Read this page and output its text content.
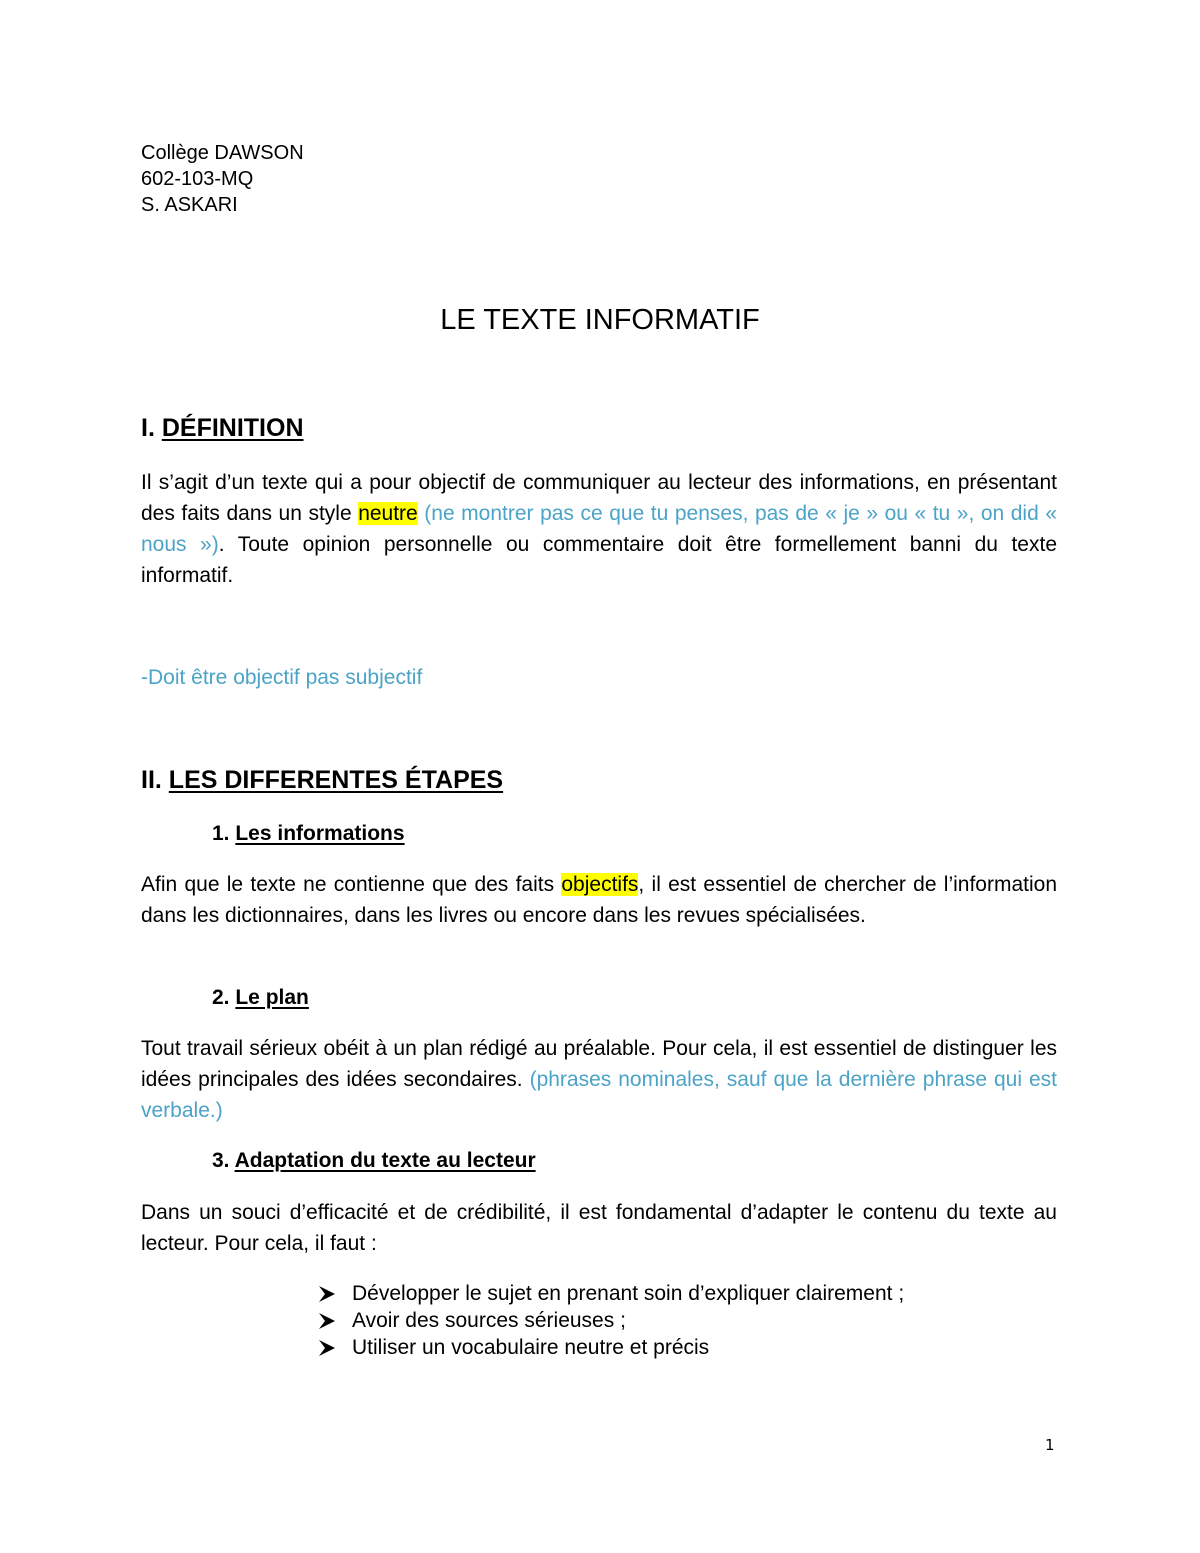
Collège DAWSON
602-103-MQ
S. ASKARI
LE TEXTE INFORMATIF
I. DÉFINITION
Il s’agit d’un texte qui a pour objectif de communiquer au lecteur des informations, en présentant des faits dans un style neutre (ne montrer pas ce que tu penses, pas de « je » ou « tu », on did « nous »). Toute opinion personnelle ou commentaire doit être formellement banni du texte informatif.
-Doit être objectif pas subjectif
II. LES DIFFERENTES ÉTAPES
1. Les informations
Afin que le texte ne contienne que des faits objectifs, il est essentiel de chercher de l’information dans les dictionnaires, dans les livres ou encore dans les revues spécialisées.
2. Le plan
Tout travail sérieux obéit à un plan rédigé au préalable. Pour cela, il est essentiel de distinguer les idées principales des idées secondaires. (phrases nominales, sauf que la dernière phrase qui est verbale.)
3. Adaptation du texte au lecteur
Dans un souci d’efficacité et de crédibilité, il est fondamental d’adapter le contenu du texte au lecteur. Pour cela, il faut :
Développer le sujet en prenant soin d’expliquer clairement ;
Avoir des sources sérieuses ;
Utiliser un vocabulaire neutre et précis
1
